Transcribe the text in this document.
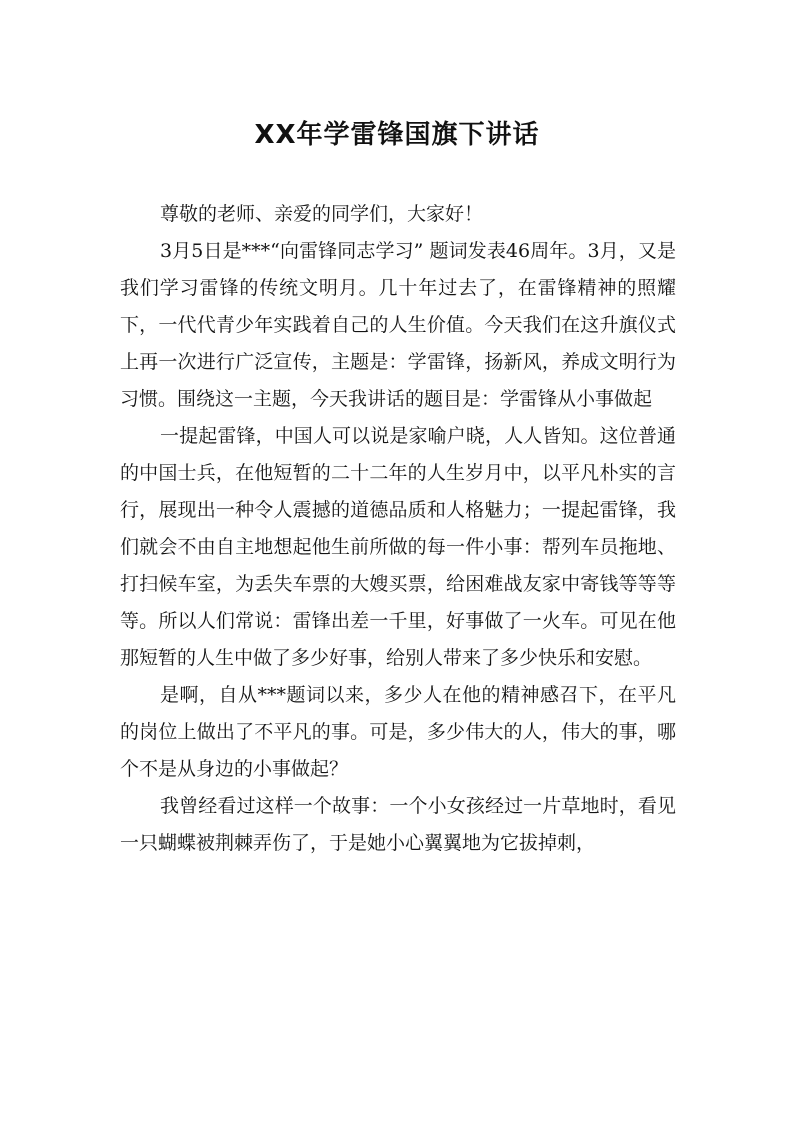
XX年学雷锋国旗下讲话

尊敬的老师、亲爱的同学们，大家好！

3月5日是***“向雷锋同志学习” 题词发表46周年。3月，又是我们学习雷锋的传统文明月。几十年过去了，在雷锋精神的照耀下，一代代青少年实践着自己的人生价值。今天我们在这升旗仪式上再一次进行广泛宣传，主题是：学雷锋，扬新风，养成文明行为习惯。围绕这一主题，今天我讲话的题目是：学雷锋从小事做起

一提起雷锋，中国人可以说是家喻户晓，人人皆知。这位普通的中国士兵，在他短暂的二十二年的人生岁月中，以平凡朴实的言行，展现出一种令人震撼的道德品质和人格魅力；一提起雷锋，我们就会不由自主地想起他生前所做的每一件小事：帮列车员拖地、打扫候车室，为丢失车票的大嫂买票，给困难战友家中寄钱等等等等。所以人们常说：雷锋出差一千里，好事做了一火车。可见在他那短暂的人生中做了多少好事，给别人带来了多少快乐和安慰。

是啊，自从***题词以来，多少人在他的精神感召下，在平凡的岗位上做出了不平凡的事。可是，多少伟大的人，伟大的事，哪个不是从身边的小事做起？

我曾经看过这样一个故事：一个小女孩经过一片草地时，看见一只蝴蝶被荆棘弄伤了，于是她小心翼翼地为它拔掉刺，
